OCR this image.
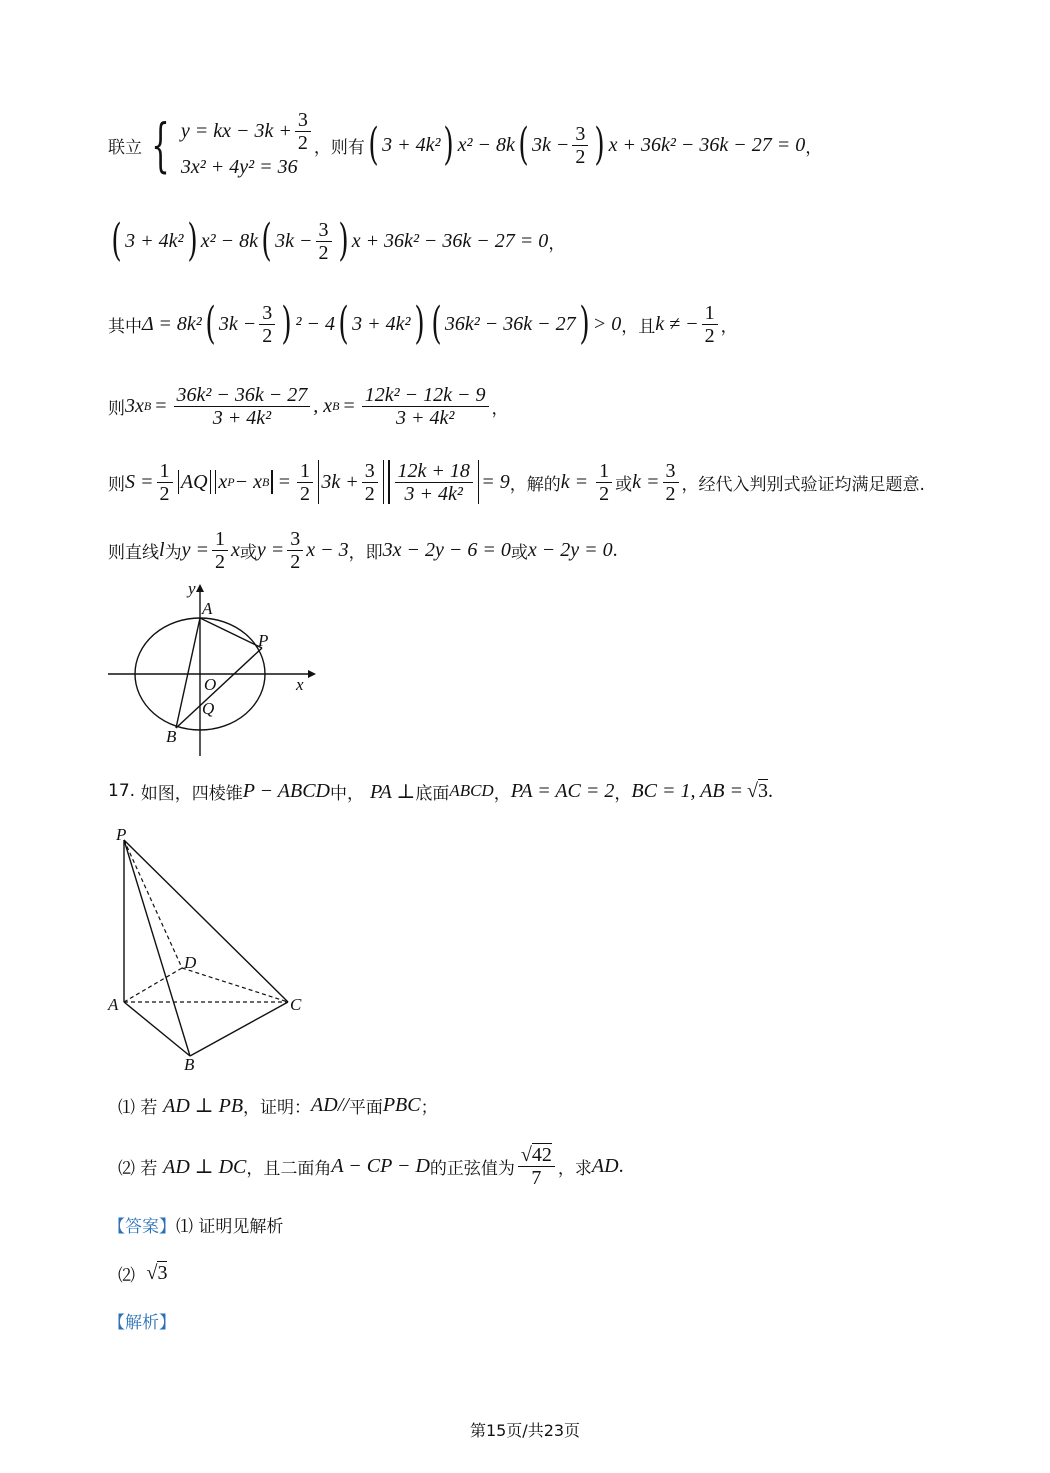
联立 { y = kx − $3k + \frac{3}{2}$
3x² + 4y² = 36
，则有 ( 3 + 4k² ) x² − 8k ( $3k - \frac{3}{2}$ ) x + 36k² − 36k − 27 = 0 ，
( 3 + 4k² ) x² − 8k ( $3k - \frac{3}{2}$ ) x + 36k² − 36k − 27 = 0 ，
其中 Δ = 8k² ( $3k - \frac{3}{2}$ ) ² − 4 ( 3 + 4k² ) ( 36k² − 36k − 27 ) > 0 ，且 k ≠ − $\frac{1}{2}$ ，
则 3x $B = \frac{\text{36k² − 36k − 27}}{\text{3 + 4k²}}$ , x $B = \frac{\text{12k² − 12k − 9}}{\text{3 + 4k²}}$ ，
则 $S = \frac{1}{2}$ AQ x P − x $B = \frac{1}{2} 3k + \frac{3}{2} \frac{12k + 18}{\text{3 + 4k²}} = 9$ ，解的 $k = \frac{1}{2}$ 或 $k = \frac{3}{2}$ ，经代入判别式验证均满足题意.
则直线 l 为 $y = \frac{1}{2}$ x 或 $y = \frac{3}{2}$ x − 3 ，即 3x − 2y − 6 = 0 或 x − 2y = 0 .
y
A
P
O	x
Q
B
17.
如图，四棱锥 P − ABCD 中， PA ⊥ 底面 ABCD ， PA = AC = 2 ， BC = 1, AB = √ 3 .
P
D
A	C
B
⑴ 若
AD ⊥ PB ，证明： AD// 平面 PBC ；
⑵ 若
AD ⊥ DC ，且二面角 A − CP − D 的正弦值为 $\frac{√42}{7}$ ，求 AD .
【答案】 ⑴ 证明见解析
⑵
√ 3
【解析】
第15页/共23页
